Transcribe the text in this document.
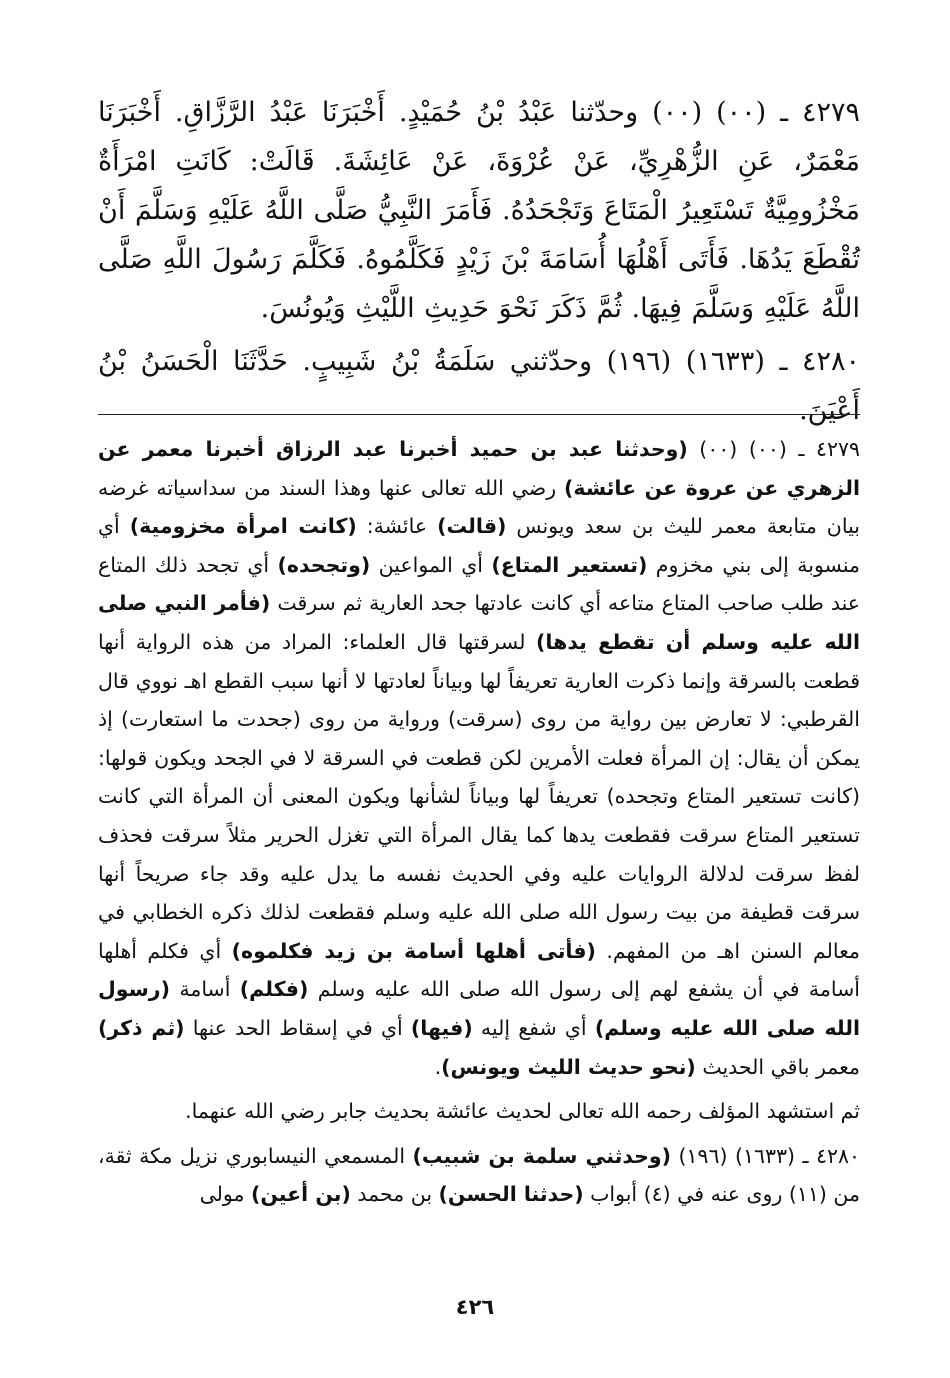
٤٢٧٩ ـ (٠٠) (٠٠) وحدّثنا عَبْدُ بْنُ حُمَيْدٍ. أَخْبَرَنَا عَبْدُ الرَّزَّاقِ. أَخْبَرَنَا مَعْمَرٌ، عَنِ الزُّهْرِيِّ، عَنْ عُرْوَةَ، عَنْ عَائِشَةَ. قَالَتْ: كَانَتِ امْرَأَةٌ مَخْزُومِيَّةٌ تَسْتَعِيرُ الْمَتَاعَ وَتَجْحَدُهُ. فَأَمَرَ النَّبِيُّ صَلَّى اللَّهُ عَلَيْهِ وَسَلَّمَ أَنْ تُقْطَعَ يَدُهَا. فَأَتَى أَهْلُهَا أُسَامَةَ بْنَ زَيْدٍ فَكَلَّمُوهُ. فَكَلَّمَ رَسُولَ اللَّهِ صَلَّى اللَّهُ عَلَيْهِ وَسَلَّمَ فِيهَا. ثُمَّ ذَكَرَ نَحْوَ حَدِيثِ اللَّيْثِ وَيُونُسَ.

٤٢٨٠ ـ (١٦٣٣) (١٩٦) وحدّثني سَلَمَةُ بْنُ شَبِيبٍ. حَدَّثَنَا الْحَسَنُ بْنُ أَعْيَنَ.

٤٢٧٩ ـ (٠٠) (٠٠) (وحدثنا عبد بن حميد أخبرنا عبد الرزاق أخبرنا معمر عن الزهري عن عروة عن عائشة) رضي الله تعالى عنها وهذا السند من سداسياته غرضه بيان متابعة معمر لليث بن سعد ويونس (قالت) عائشة: (كانت امرأة مخزومية) أي منسوبة إلى بني مخزوم (تستعير المتاع) أي المواعين (وتجحده) أي تجحد ذلك المتاع عند طلب صاحب المتاع متاعه أي كانت عادتها جحد العارية ثم سرقت (فأمر النبي صلى الله عليه وسلم أن تقطع يدها) لسرقتها قال العلماء: المراد من هذه الرواية أنها قطعت بالسرقة وإنما ذكرت العارية تعريفاً لها وبياناً لعادتها لا أنها سبب القطع اهـ نووي قال القرطبي: لا تعارض بين رواية من روى (سرقت) ورواية من روى (جحدت ما استعارت) إذ يمكن أن يقال: إن المرأة فعلت الأمرين لكن قطعت في السرقة لا في الجحد ويكون قولها: (كانت تستعير المتاع وتجحده) تعريفاً لها وبياناً لشأنها ويكون المعنى أن المرأة التي كانت تستعير المتاع سرقت فقطعت يدها كما يقال المرأة التي تغزل الحرير مثلاً سرقت فحذف لفظ سرقت لدلالة الروايات عليه وفي الحديث نفسه ما يدل عليه وقد جاء صريحاً أنها سرقت قطيفة من بيت رسول الله صلى الله عليه وسلم فقطعت لذلك ذكره الخطابي في معالم السنن اهـ من المفهم. (فأتى أهلها أسامة بن زيد فكلموه) أي فكلم أهلها أسامة في أن يشفع لهم إلى رسول الله صلى الله عليه وسلم (فكلم) أسامة (رسول الله صلى الله عليه وسلم) أي شفع إليه (فيها) أي في إسقاط الحد عنها (ثم ذكر) معمر باقي الحديث (نحو حديث الليث ويونس).

ثم استشهد المؤلف رحمه الله تعالى لحديث عائشة بحديث جابر رضي الله عنهما.

٤٢٨٠ ـ (١٦٣٣) (١٩٦) (وحدثني سلمة بن شبيب) المسمعي النيسابوري نزيل مكة ثقة، من (١١) روى عنه في (٤) أبواب (حدثنا الحسن) بن محمد (بن أعين) مولى

٤٢٦
